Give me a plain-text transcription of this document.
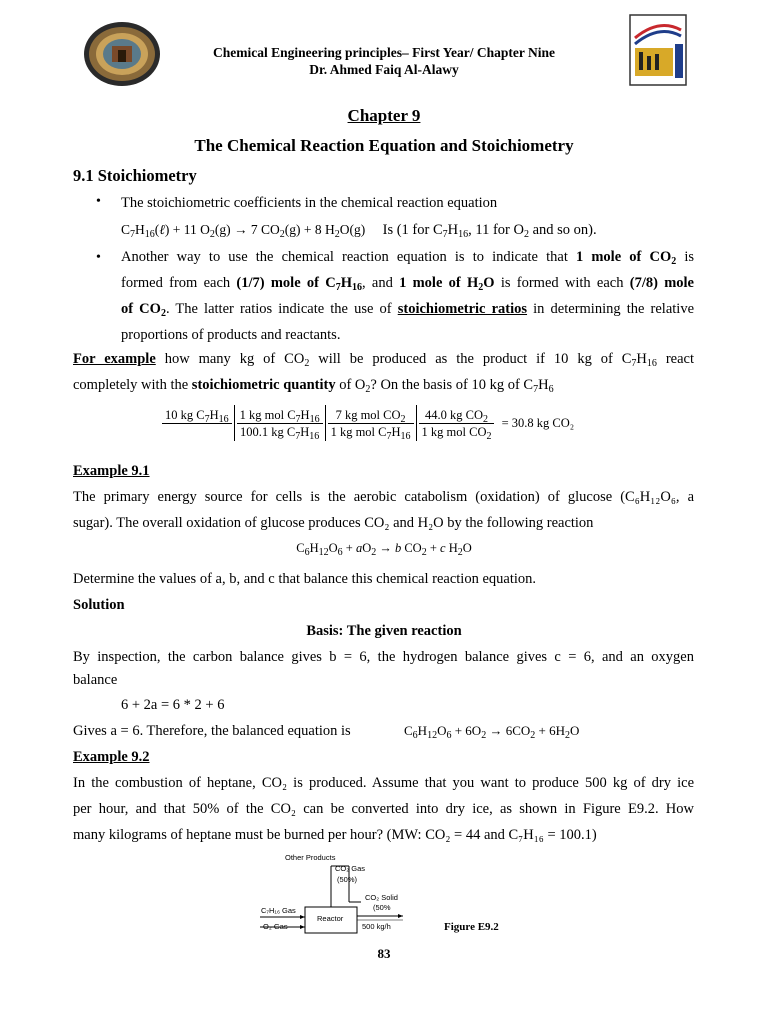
Chemical Engineering principles– First Year/ Chapter Nine
Dr. Ahmed Faiq Al-Alawy
Chapter 9
The Chemical Reaction Equation and Stoichiometry
9.1 Stoichiometry
• The stoichiometric coefficients in the chemical reaction equation
$C_7H_{16}(\ell) + 11$ $O_2(g) \to 7$ $CO_2(g) + 8$ $H_2O(g)$ Is (1 for $C_7H_{16}$, 11 for $O_2$ and so on).
• Another way to use the chemical reaction equation is to indicate that 1 mole of $CO_2$ is
formed from each (1/7) mole of $C_7H_{16}$, and 1 mole of $H_2O$ is formed with each (7/8) mole
of $CO_2$. The latter ratios indicate the use of stoichiometric ratios in determining the relative
proportions of products and reactants.
For example how many kg of $CO_2$ will be produced as the product if 10 kg of $C_7H_{16}$ react
completely with the stoichiometric quantity of $O_2$? On the basis of 10 kg of $C_7H_6$
10 kg $C_7H_{16}$
$\frac{1 kg mol C_7H_{16}}{100.1 kg C_7H_{16}} \frac{7 kg mol CO_2}{1 kg mol C_7H_{16}} \frac{44.0 kg CO_2}{1 kg mol CO_2} = 30.8$ kg CO₂
Example 9.1
The primary energy source for cells is the aerobic catabolism (oxidation) of glucose (C₆H₁₂O₆, a
sugar). The overall oxidation of glucose produces CO₂ and H₂O by the following reaction
$C_6H_{12}O_6 + aO_2 \to b$ $CO_2 + c$ $H_2O$
Determine the values of a, b, and c that balance this chemical reaction equation.
Solution
Basis: The given reaction
By inspection, the carbon balance gives b = 6, the hydrogen balance gives c = 6, and an oxygen
balance
6 + 2a = 6 * 2 + 6
Gives a = 6. Therefore, the balanced equation is	$C_6H_{12}O_6 + 6O_2 \to 6CO_2 + 6H_2O$
Example 9.2
In the combustion of heptane, CO₂ is produced. Assume that you want to produce 500 kg of dry ice
per hour, and that 50% of the CO₂ can be converted into dry ice, as shown in Figure E9.2. How
many kilograms of heptane must be burned per hour? (MW: CO₂ = 44 and C₇H₁₆ = 100.1)
Other Products
CO₂ Gas
(50%)
CO₂ Solid
(50%
Reactor
C₇H₁₆ Gas
O₂ Gas	500 kg/h	Figure E9.2
83
